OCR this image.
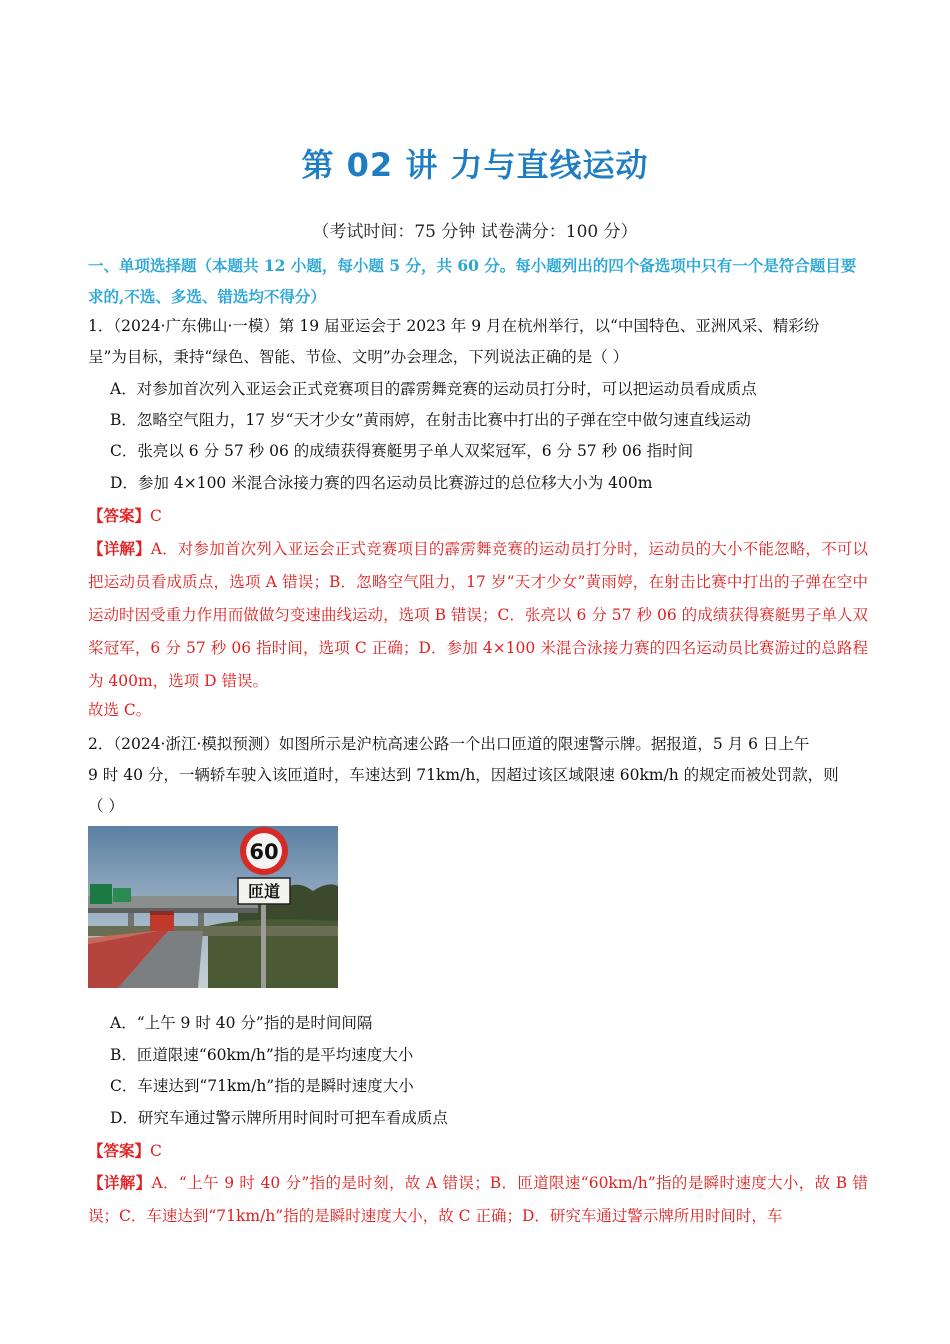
第 02 讲 力与直线运动
（考试时间：75 分钟 试卷满分：100 分）
一、单项选择题（本题共 12 小题，每小题 5 分，共 60 分。每小题列出的四个备选项中只有一个是符合题目要求的,不选、多选、错选均不得分）
1．（2024·广东佛山·一模）第 19 届亚运会于 2023 年 9 月在杭州举行，以“中国特色、亚洲风采、精彩纷
呈”为目标，秉持“绿色、智能、节俭、文明”办会理念，下列说法正确的是（ ）
A．对参加首次列入亚运会正式竞赛项目的霹雳舞竞赛的运动员打分时，可以把运动员看成质点
B．忽略空气阻力，17 岁“天才少女”黄雨婷，在射击比赛中打出的子弹在空中做匀速直线运动
C．张亮以 6 分 57 秒 06 的成绩获得赛艇男子单人双桨冠军，6 分 57 秒 06 指时间
D．参加 4×100 米混合泳接力赛的四名运动员比赛游过的总位移大小为 400m
【答案】C
【详解】A．对参加首次列入亚运会正式竞赛项目的霹雳舞竞赛的运动员打分时，运动员的大小不能忽略，不可以把运动员看成质点，选项 A 错误；B．忽略空气阻力，17 岁“天才少女”黄雨婷，在射击比赛中打出的子弹在空中运动时因受重力作用而做做匀变速曲线运动，选项 B 错误；C．张亮以 6 分 57 秒 06 的成绩获得赛艇男子单人双桨冠军，6 分 57 秒 06 指时间，选项 C 正确；D．参加 4×100 米混合泳接力赛的四名运动员比赛游过的总路程为 400m，选项 D 错误。
故选 C。
2．（2024·浙江·模拟预测）如图所示是沪杭高速公路一个出口匝道的限速警示牌。据报道，5 月 6 日上午
9 时 40 分，一辆轿车驶入该匝道时，车速达到 71km/h，因超过该区域限速 60km/h 的规定而被处罚款，则
（ ）
60
匝道
A．“上午 9 时 40 分”指的是时间间隔
B．匝道限速“60km/h”指的是平均速度大小
C．车速达到“71km/h”指的是瞬时速度大小
D．研究车通过警示牌所用时间时可把车看成质点
【答案】C
【详解】A．“上午 9 时 40 分”指的是时刻，故 A 错误；B．匝道限速“60km/h”指的是瞬时速度大小，故 B 错误；C．车速达到“71km/h”指的是瞬时速度大小，故 C 正确；D．研究车通过警示牌所用时间时，车
